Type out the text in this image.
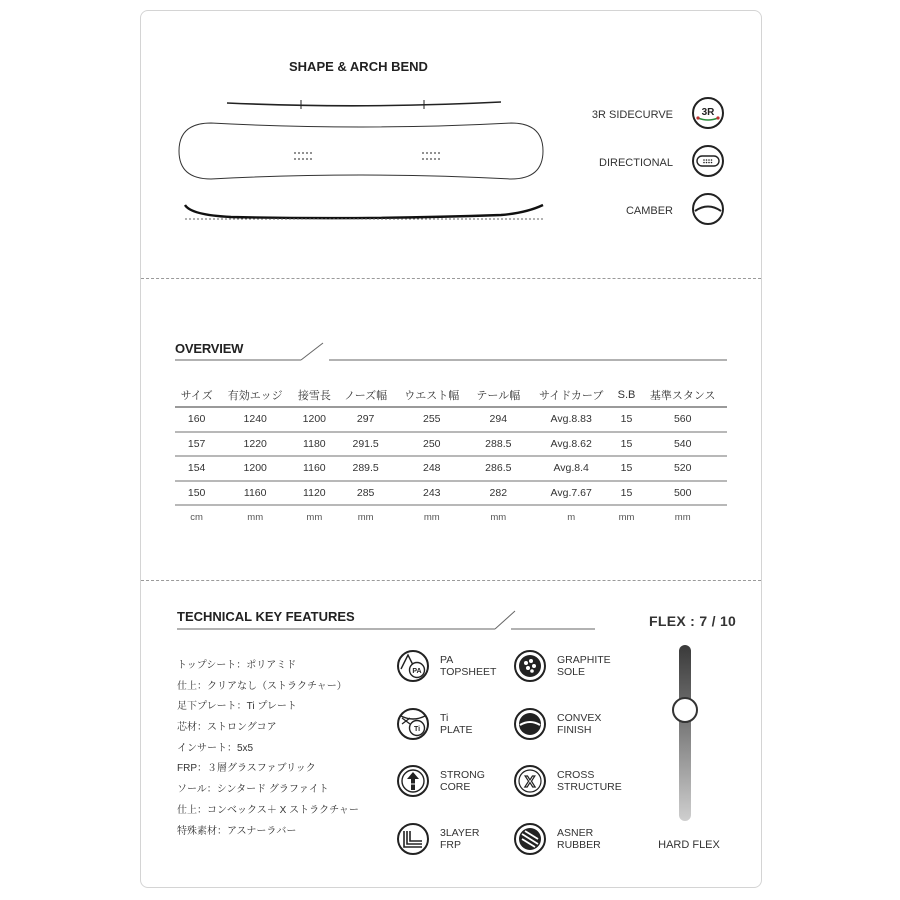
SHAPE & ARCH BEND
3R SIDECURVE	3R
DIRECTIONAL
CAMBER
OVERVIEW
サイズ	有効エッジ	接雪長	ノーズ幅	ウエスト幅	テール幅	サイドカーブ	S.B	基準スタンス
160	1240	1200	297	255	294	Avg.8.83	15	560
157	1220	1180	291.5	250	288.5	Avg.8.62	15	540
154	1200	1160	289.5	248	286.5	Avg.8.4	15	520
150	1160	1120	285	243	282	Avg.7.67	15	500
cm	mm	mm	mm	mm	mm	m	mm	mm
TECHNICAL KEY FEATURES
トップシート：ポリアミド
仕上：クリアなし（ストラクチャー）
足下プレート：Ti プレート
芯材：ストロングコア
インサート：5x5
FRP：３層グラスファブリック
ソール：シンタード グラファイト
仕上：コンベックス＋ X ストラクチャー
特殊素材：アスナーラバー
PA
PA
TOPSHEET
GRAPHITE
SOLE
Ti
Ti
PLATE
CONVEX
FINISH
STRONG
CORE	X CROSS
STRUCTURE
3LAYER
FRP
ASNER
RUBBER
FLEX : 7 / 10
HARD FLEX
